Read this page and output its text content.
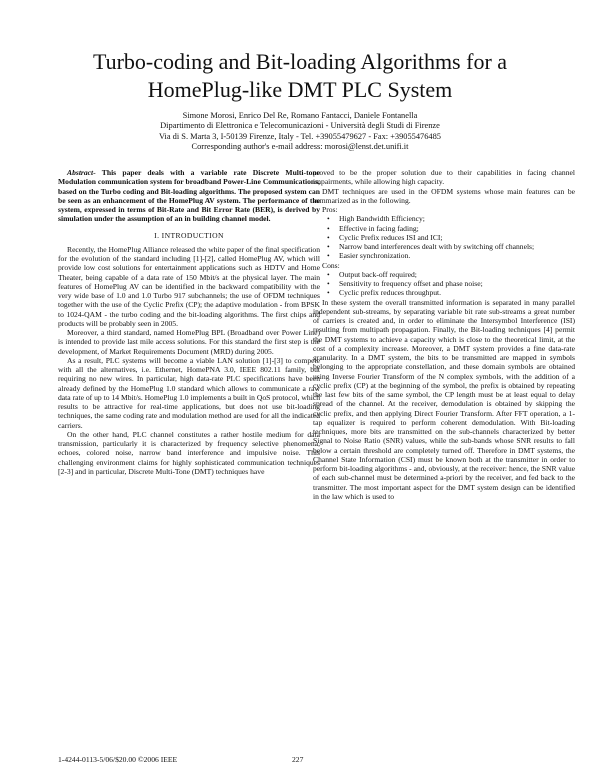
Turbo-coding and Bit-loading Algorithms for a
HomePlug-like DMT PLC System
Simone Morosi, Enrico Del Re, Romano Fantacci, Daniele Fontanella
Dipartimento di Elettronica e Telecomunicazioni - Università degli Studi di Firenze
Via di S. Marta 3, I-50139 Firenze, Italy - Tel. +39055479627 - Fax: +39055476485
Corresponding author's e-mail address: morosi@lenst.det.unifi.it

Abstract- This paper deals with a variable rate Discrete Multi-tone Modulation communication system for broadband Power-Line Communications, based on the Turbo coding and Bit-loading algorithms. The proposed system can be seen as an enhancement of the HomePlug AV system. The performance of the system, expressed in terms of Bit-Rate and Bit Error Rate (BER), is derived by simulation under the assumption of an in building channel model.

I. INTRODUCTION

Recently, the HomePlug Alliance released the white paper of the final specification for the evolution of the standard including [1]-[2], called HomePlug AV, which will provide low cost solutions for entertainment applications such as HDTV and Home Theater, being capable of a data rate of 150 Mbit/s at the physical layer. The main features of HomePlug AV can be identified in the backward compatibility with the very wide base of 1.0 and 1.0 Turbo 917 subchannels; the use of OFDM techniques together with the use of the Cyclic Prefix (CP); the adaptive modulation - from BPSK to 1024-QAM - the turbo coding and the bit-loading algorithms. The first chips and products will be probably seen in 2005.

Moreover, a third standard, named HomePlug BPL (Broadband over Power Line) is intended to provide last mile access solutions. For this standard the first step is the development, of Market Requirements Document (MRD) during 2005.

As a result, PLC systems will become a viable LAN solution [1]-[3] to compete with all the alternatives, i.e. Ethernet, HomePNA 3.0, IEEE 802.11 family, but requiring no new wires. In particular, high data-rate PLC specifications have been already defined by the HomePlug 1.0 standard which allows to communicate a raw data rate of up to 14 Mbit/s. HomePlug 1.0 implements a built in QoS protocol, which results to be attractive for real-time applications, but does not use bit-loading techniques, the same coding rate and modulation method are used for all the indicated carriers.

On the other hand, PLC channel constitutes a rather hostile medium for data transmission, particularly it is characterized by frequency selective phenomena, echoes, colored noise, narrow band interference and impulsive noise. This challenging environment claims for highly sophisticated communication techniques [2-3] and in particular, Discrete Multi-Tone (DMT) techniques have

proved to be the proper solution due to their capabilities in facing channel impairments, while allowing high capacity.

DMT techniques are used in the OFDM systems whose main features can be summarized as in the following.

Pros:

• High Bandwidth Efficiency;
• Effective in facing fading;
• Cyclic Prefix reduces ISI and ICI;
• Narrow band interferences dealt with by switching off channels;
• Easier synchronization.

Cons:

• Output back-off required;
• Sensitivity to frequency offset and phase noise;
• Cyclic prefix reduces throughput.

In these system the overall transmitted information is separated in many parallel independent sub-streams, by separating variable bit rate sub-streams a great number of carriers is created and, in order to eliminate the Intersymbol Interference (ISI) resulting from multipath propagation. Finally, the Bit-loading techniques [4] permit the DMT systems to achieve a capacity which is close to the theoretical limit, at the cost of a complexity increase. Moreover, a DMT system provides a fine data-rate granularity. In a DMT system, the bits to be transmitted are mapped in symbols belonging to the appropriate constellation, and these domain symbols are obtained using Inverse Fourier Transform of the N complex symbols, with the addition of a cyclic prefix (CP) at the beginning of the symbol, the prefix is obtained by repeating the last few bits of the same symbol, the CP length must be at least equal to delay spread of the channel. At the receiver, demodulation is obtained by skipping the cyclic prefix, and then applying Direct Fourier Transform. After FFT operation, a 1-tap equalizer is required to perform coherent demodulation. With Bit-loading techniques, more bits are transmitted on the sub-channels characterized by better Signal to Noise Ratio (SNR) values, while the sub-bands whose SNR results to fall below a certain threshold are completely turned off. Therefore in DMT systems, the Channel State Information (CSI) must be known both at the transmitter in order to perform bit-loading algorithms - and, obviously, at the receiver: hence, the SNR value of each sub-channel must be determined a-priori by the receiver, and fed back to the transmitter. The most important aspect for the DMT system design can be identified in the law which is used to

1-4244-0113-5/06/$20.00 ©2006 IEEE	227
